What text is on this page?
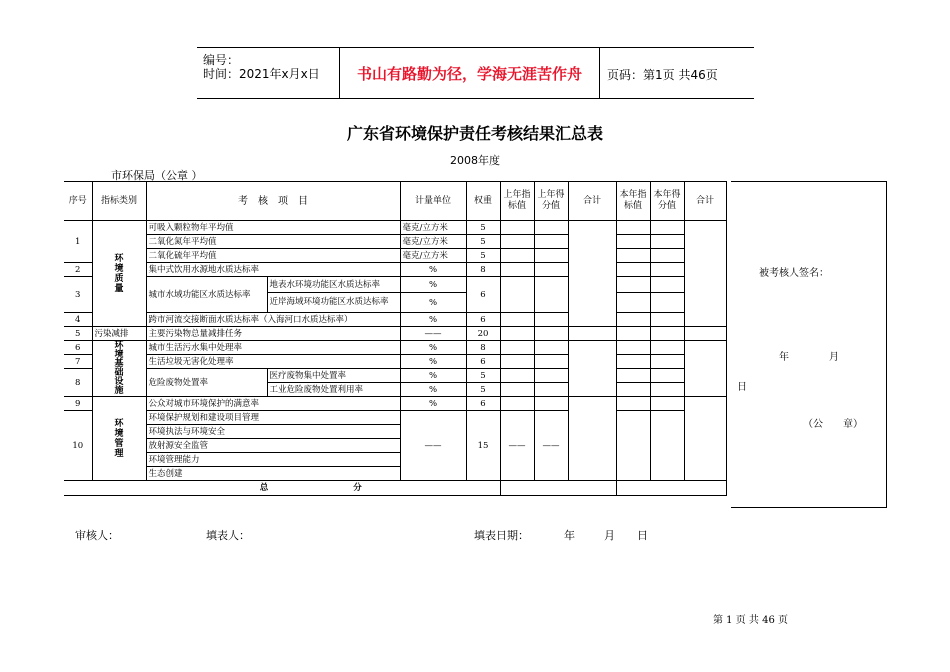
编号：
时间：2021年x月x日	书山有路勤为径，学海无涯苦作舟	页码：第1页 共46页
广东省环境保护责任考核结果汇总表
2008年度
市环保局（公章 ）
序号	指标类别	考　核　项　目		计量单位	权重	上年指标值	上年得分值	合计	本年指标值	本年得分值	合计
1	环境质量	可吸入颗粒物年平均值		毫克/立方米	5						
		二氧化氮年平均值		毫克/立方米	5						
		二氧化硫年平均值		毫克/立方米	5						
2		集中式饮用水源地水质达标率		%	8						
3		城市水域功能区水质达标率	地表水环境功能区水质达标率	%	6						
			近岸海域环境功能区水质达标率	%							
4		跨市河流交接断面水质达标率（入海河口水质达标率）		%	6						
5	污染减排	主要污染物总量减排任务		——	20						
6	环境基础设施	城市生活污水集中处理率		%	8						
7		生活垃圾无害化处理率		%	6						
8		危险废物处置率	医疗废物集中处置率	%	5						
			工业危险废物处置利用率	%	5						
9	环境管理	公众对城市环境保护的满意率		%	6						
10		环境保护规划和建设项目管理		——	15	——	——				
		环境执法与环境安全									
		放射源安全监管									
		环境管理能力									
		生态创建									
总　　　　　　　　　　分											
被考核人签名：
年　　　　月
日
（公　　章）
审核人：	填表人：	填表日期：	年	月 日
第 1 页 共 46 页
